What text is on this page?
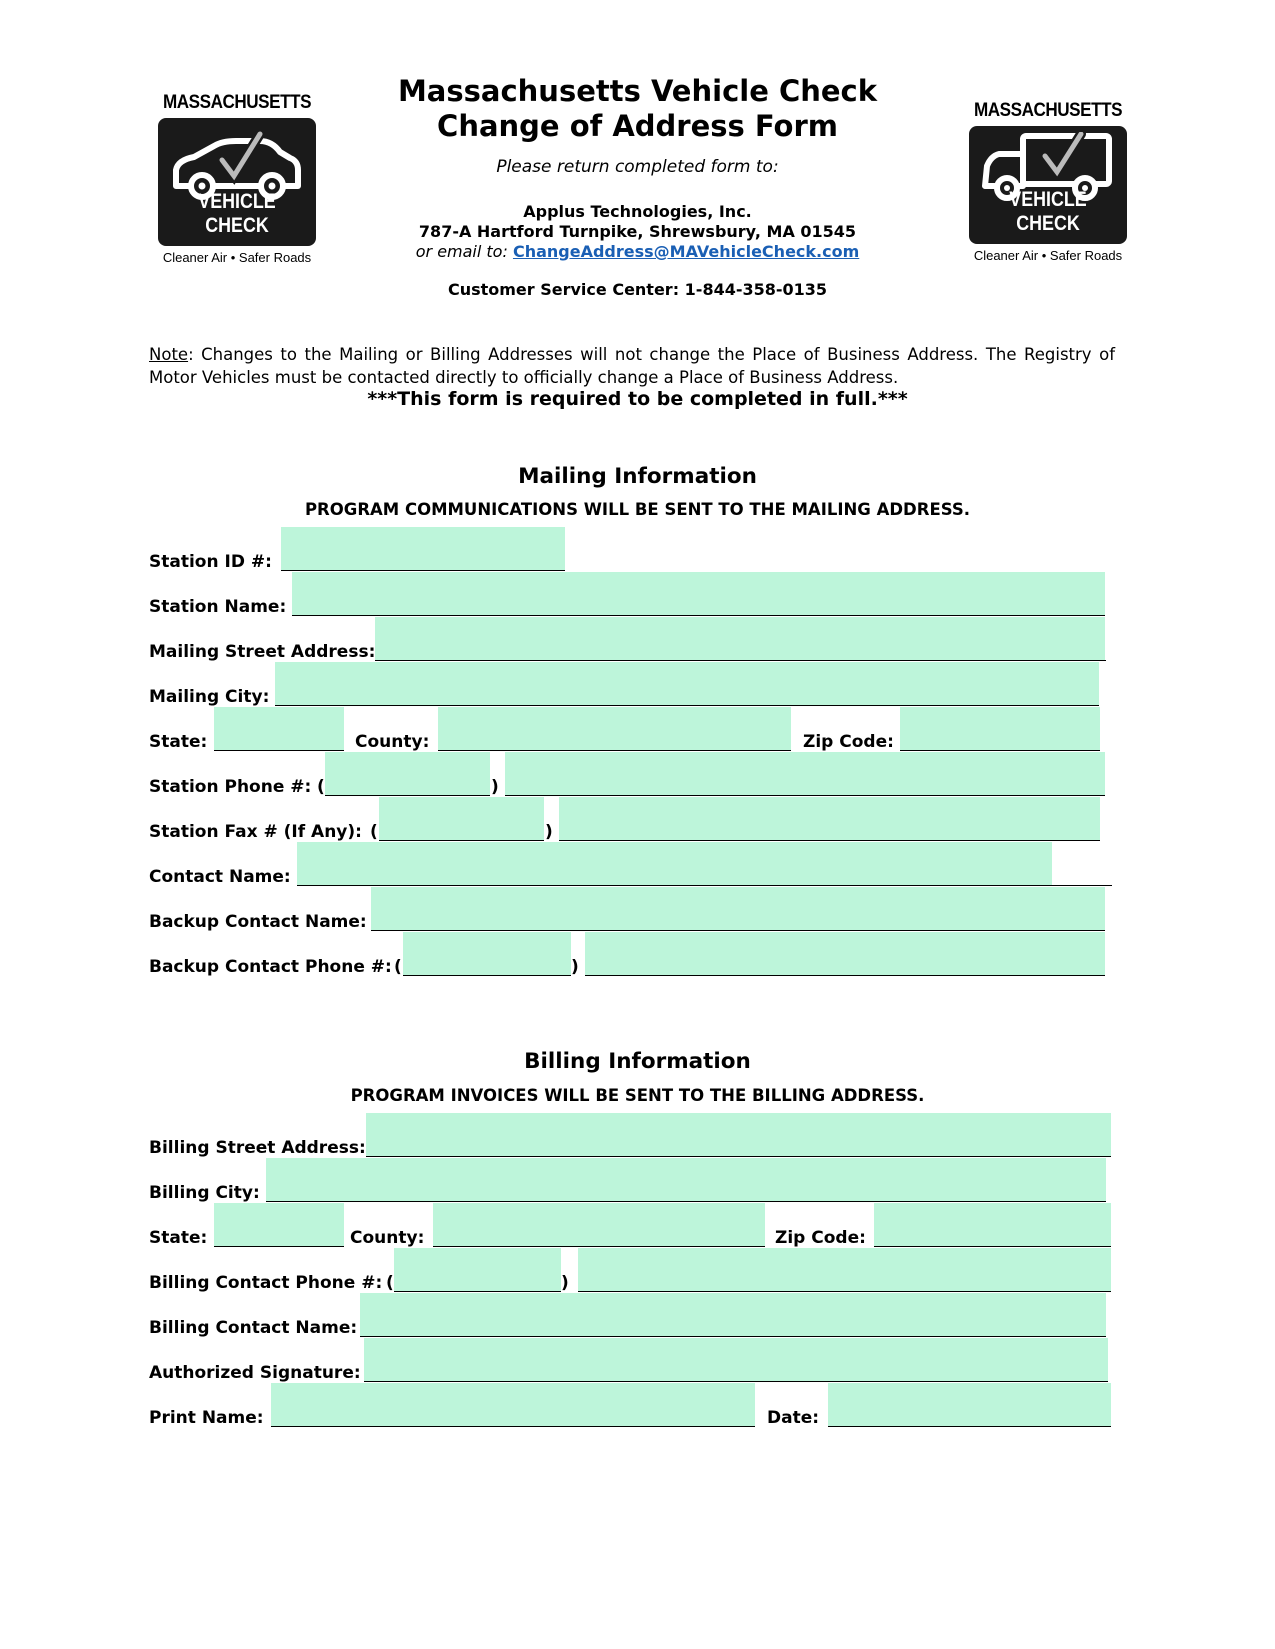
MASSACHUSETTS
VEHICLE CHECK
Cleaner Air • Safer Roads
MASSACHUSETTS
VEHICLE CHECK
Cleaner Air • Safer Roads
Massachusetts Vehicle Check
Change of Address Form
Please return completed form to:
Applus Technologies, Inc.
787-A Hartford Turnpike, Shrewsbury, MA 01545
or email to: ChangeAddress@MAVehicleCheck.com
Customer Service Center: 1-844-358-0135
Note: Changes to the Mailing or Billing Addresses will not change the Place of Business Address. The Registry of Motor Vehicles must be contacted directly to officially change a Place of Business Address.
***This form is required to be completed in full.***
Mailing Information
PROGRAM COMMUNICATIONS WILL BE SENT TO THE MAILING ADDRESS.
Station ID #:
Station Name:
Mailing Street Address:
Mailing City:
State:	County:	Zip Code:
Station Phone #: (	)
Station Fax # (If Any): (	)
Contact Name:
Backup Contact Name:
Backup Contact Phone #: (	)
Billing Information
PROGRAM INVOICES WILL BE SENT TO THE BILLING ADDRESS.
Billing Street Address:
Billing City:
State:	County:	Zip Code:
Billing Contact Phone #: (	)
Billing Contact Name:
Authorized Signature:
Print Name:	Date:
